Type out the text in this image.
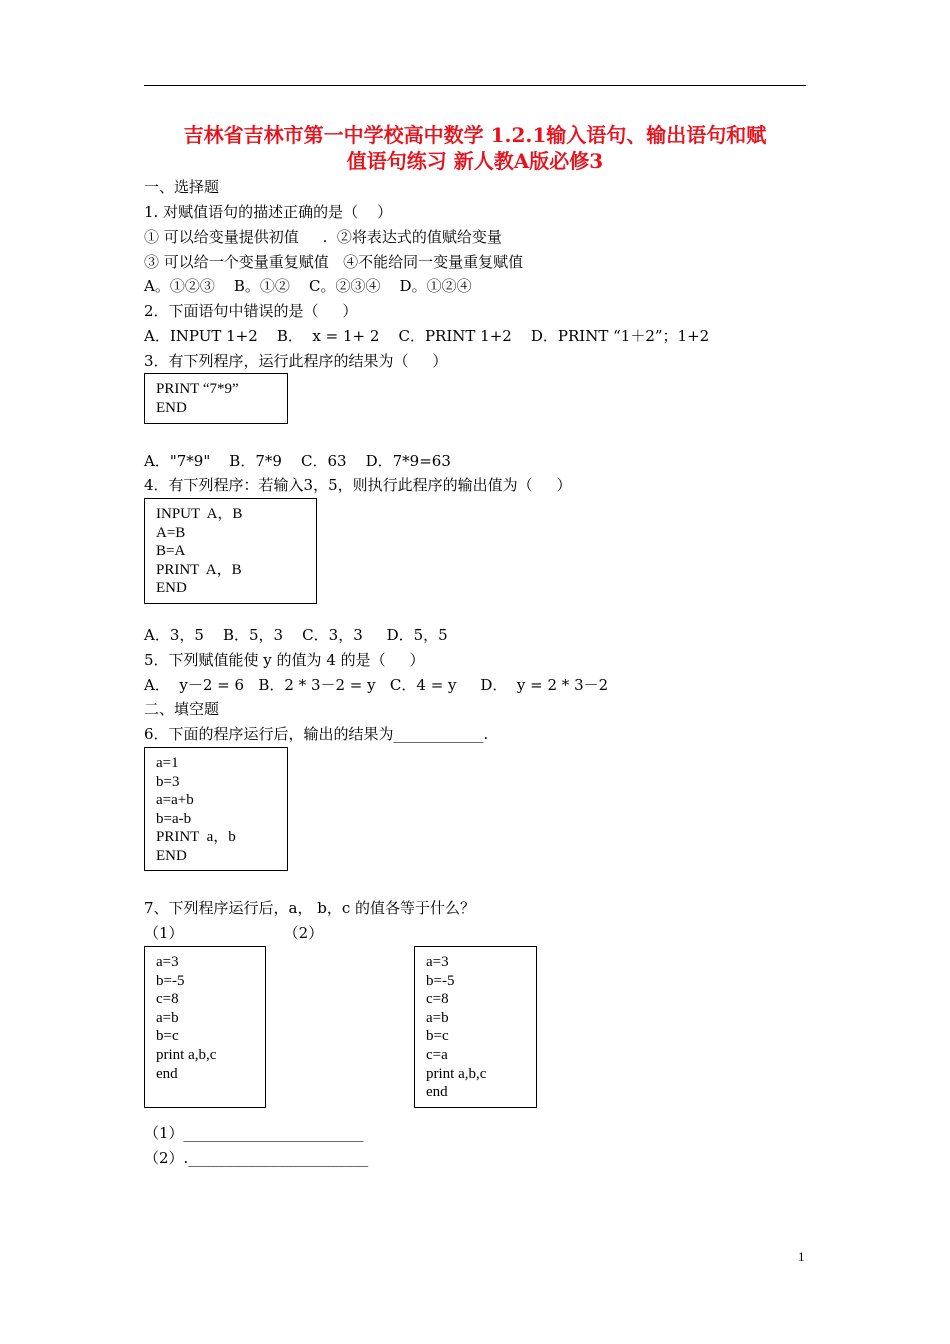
吉林省吉林市第一中学校高中数学 1.2.1输入语句、输出语句和赋
值语句练习 新人教A版必修3
一、选择题
1. 对赋值语句的描述正确的是（    ）
① 可以给变量提供初值     .  ②将表达式的值赋给变量
③ 可以给一个变量重复赋值   ④不能给同一变量重复赋值
A。①②③    B。①②    C。②③④    D。①②④
2．下面语句中错误的是（     ）
A．INPUT 1+2    B．  x = 1+ 2    C．PRINT 1+2    D．PRINT “1＋2”；1+2
3．有下列程序，运行此程序的结果为（     ）
PRINT “7*9”
END
A．"7*9"    B．7*9    C．63    D．7*9=63
4．有下列程序：若输入3，5，则执行此程序的输出值为（     ）
INPUT  A，B
A=B
B=A
PRINT  A，B
END
A．3，5    B．5，3    C．3，3     D．5，5
5．下列赋值能使 y 的值为 4 的是（     ）
A．  y－2 = 6   B．2 * 3－2 = y   C．4 = y     D．  y = 2 * 3－2
二、填空题
6．下面的程序运行后，输出的结果为____________.
a=1
b=3
a=a+b
b=a-b
PRINT  a，b
END
7、下列程序运行后，a， b，c 的值各等于什么？
（1）                     （2）
a=3
b=-5
c=8
a=b
b=c
print a,b,c
end
a=3
b=-5
c=8
a=b
b=c
c=a
print a,b,c
end
（1）________________________
（2）.________________________
1
